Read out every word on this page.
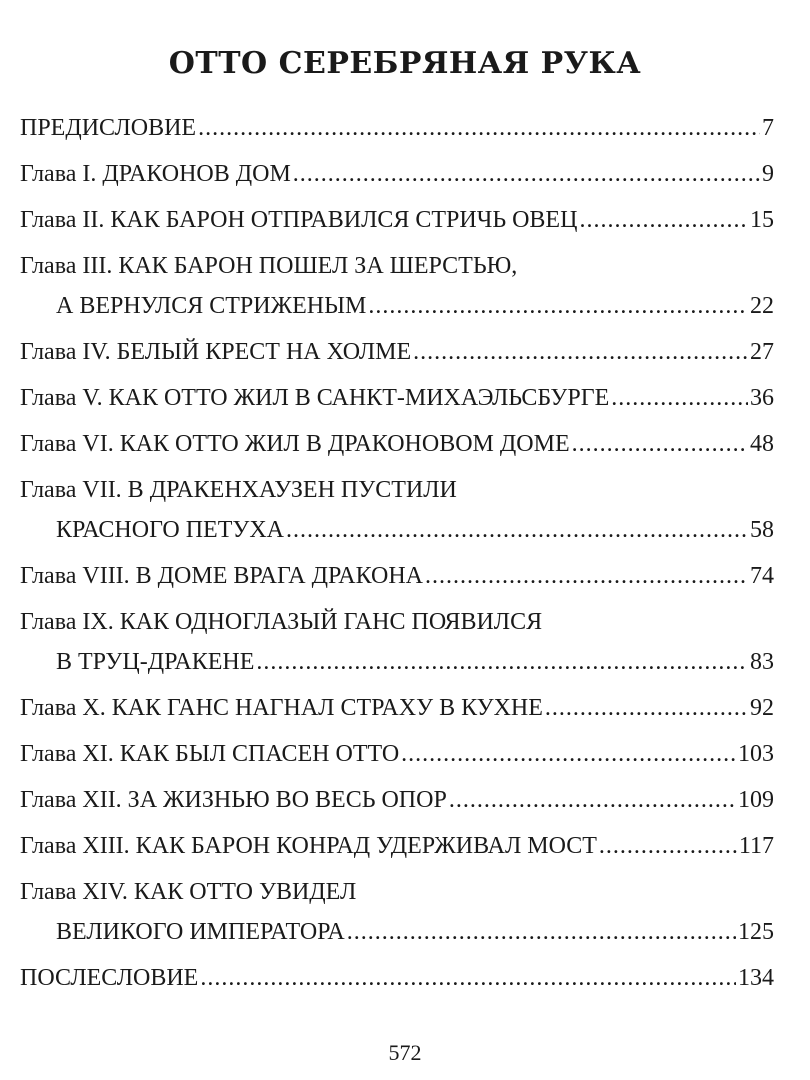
ОТТО СЕРЕБРЯНАЯ РУКА
ПРЕДИСЛОВИЕ .....	7
Глава I. ДРАКОНОВ ДОМ .....	9
Глава II. КАК БАРОН ОТПРАВИЛСЯ СТРИЧЬ ОВЕЦ .....	15
Глава III. КАК БАРОН ПОШЕЛ ЗА ШЕРСТЬЮ,
А ВЕРНУЛСЯ СТРИЖЕНЫМ .....	22
Глава IV. БЕЛЫЙ КРЕСТ НА ХОЛМЕ .....	27
Глава V. КАК ОТТО ЖИЛ В САНКТ-МИХАЭЛЬСБУРГЕ .....	36
Глава VI. КАК ОТТО ЖИЛ В ДРАКОНОВОМ ДОМЕ .....	48
Глава VII. В ДРАКЕНХАУЗЕН ПУСТИЛИ
КРАСНОГО ПЕТУХА .....	58
Глава VIII. В ДОМЕ ВРАГА ДРАКОНА .....	74
Глава IX. КАК ОДНОГЛАЗЫЙ ГАНС ПОЯВИЛСЯ
В ТРУЦ-ДРАКЕНЕ .....	83
Глава X. КАК ГАНС НАГНАЛ СТРАХУ В КУХНЕ .....	92
Глава XI. КАК БЫЛ СПАСЕН ОТТО .....	103
Глава XII. ЗА ЖИЗНЬЮ ВО ВЕСЬ ОПОР .....	109
Глава XIII. КАК БАРОН КОНРАД УДЕРЖИВАЛ МОСТ .....	117
Глава XIV. КАК ОТТО УВИДЕЛ
ВЕЛИКОГО ИМПЕРАТОРА .....	125
ПОСЛЕСЛОВИЕ .....	134
572
